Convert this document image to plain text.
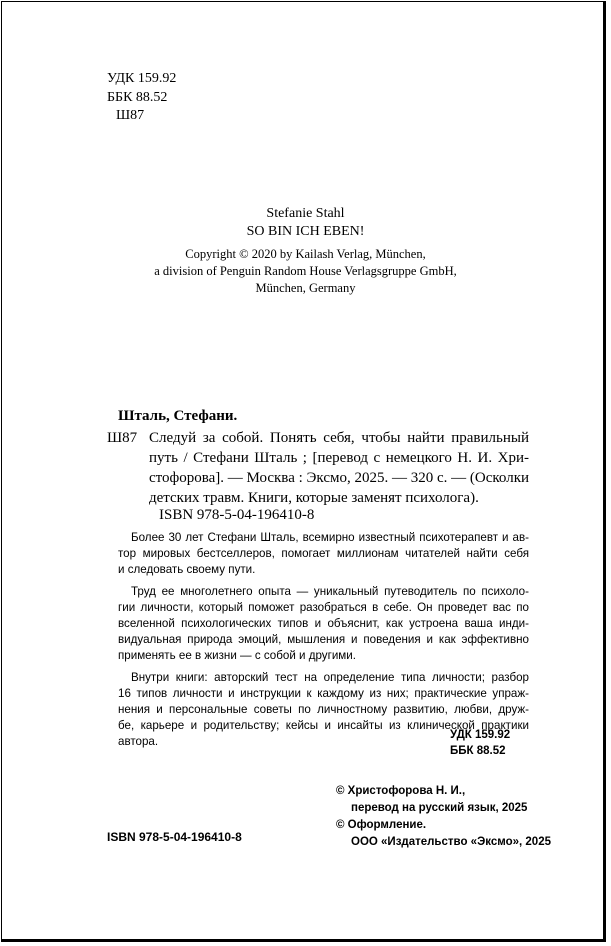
УДК 159.92
ББК 88.52
Ш87
Stefanie Stahl
SO BIN ICH EBEN!
Copyright © 2020 by Kailash Verlag, München,
a division of Penguin Random House Verlagsgruppe GmbH,
München, Germany
Шталь, Стефани.
Ш87 Следуй за собой. Понять себя, чтобы найти правильный
путь / Стефани Шталь ; [перевод с немецкого Н. И. Хри-
стофорова]. — Москва : Эксмо, 2025. — 320 с. — (Осколки
детских травм. Книги, которые заменят психолога).
ISBN 978-5-04-196410-8

Более 30 лет Стефани Шталь, всемирно известный психотерапевт и ав-
тор мировых бестселлеров, помогает миллионам читателей найти себя
и следовать своему пути.

Труд ее многолетнего опыта — уникальный путеводитель по психоло-
гии личности, который поможет разобраться в себе. Он проведет вас по
вселенной психологических типов и объяснит, как устроена ваша инди-
видуальная природа эмоций, мышления и поведения и как эффективно
применять ее в жизни — с собой и другими.

Внутри книги: авторский тест на определение типа личности; разбор
16 типов личности и инструкции к каждому из них; практические упраж-
нения и персональные советы по личностному развитию, любви, друж-
бе, карьере и родительству; кейсы и инсайты из клинической практики
автора.	УДК 159.92
ББК 88.52
© Христофорова Н. И.,
перевод на русский язык, 2025
© Оформление.
ООО «Издательство «Эксмо», 2025
ISBN 978-5-04-196410-8
